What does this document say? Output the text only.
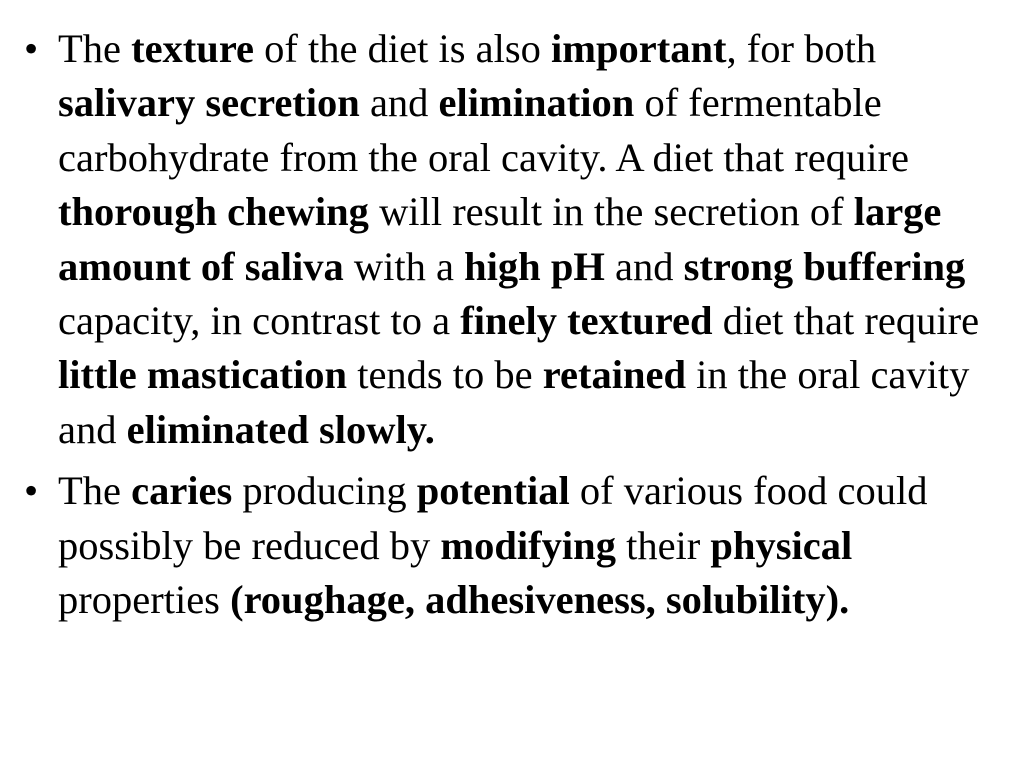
• The texture of the diet is also important, for both salivary secretion and elimination of fermentable carbohydrate from the oral cavity. A diet that require thorough chewing will result in the secretion of large amount of saliva with a high pH and strong buffering capacity, in contrast to a finely textured diet that require little mastication tends to be retained in the oral cavity and eliminated slowly.
• The caries producing potential of various food could possibly be reduced by modifying their physical properties (roughage, adhesiveness, solubility).
